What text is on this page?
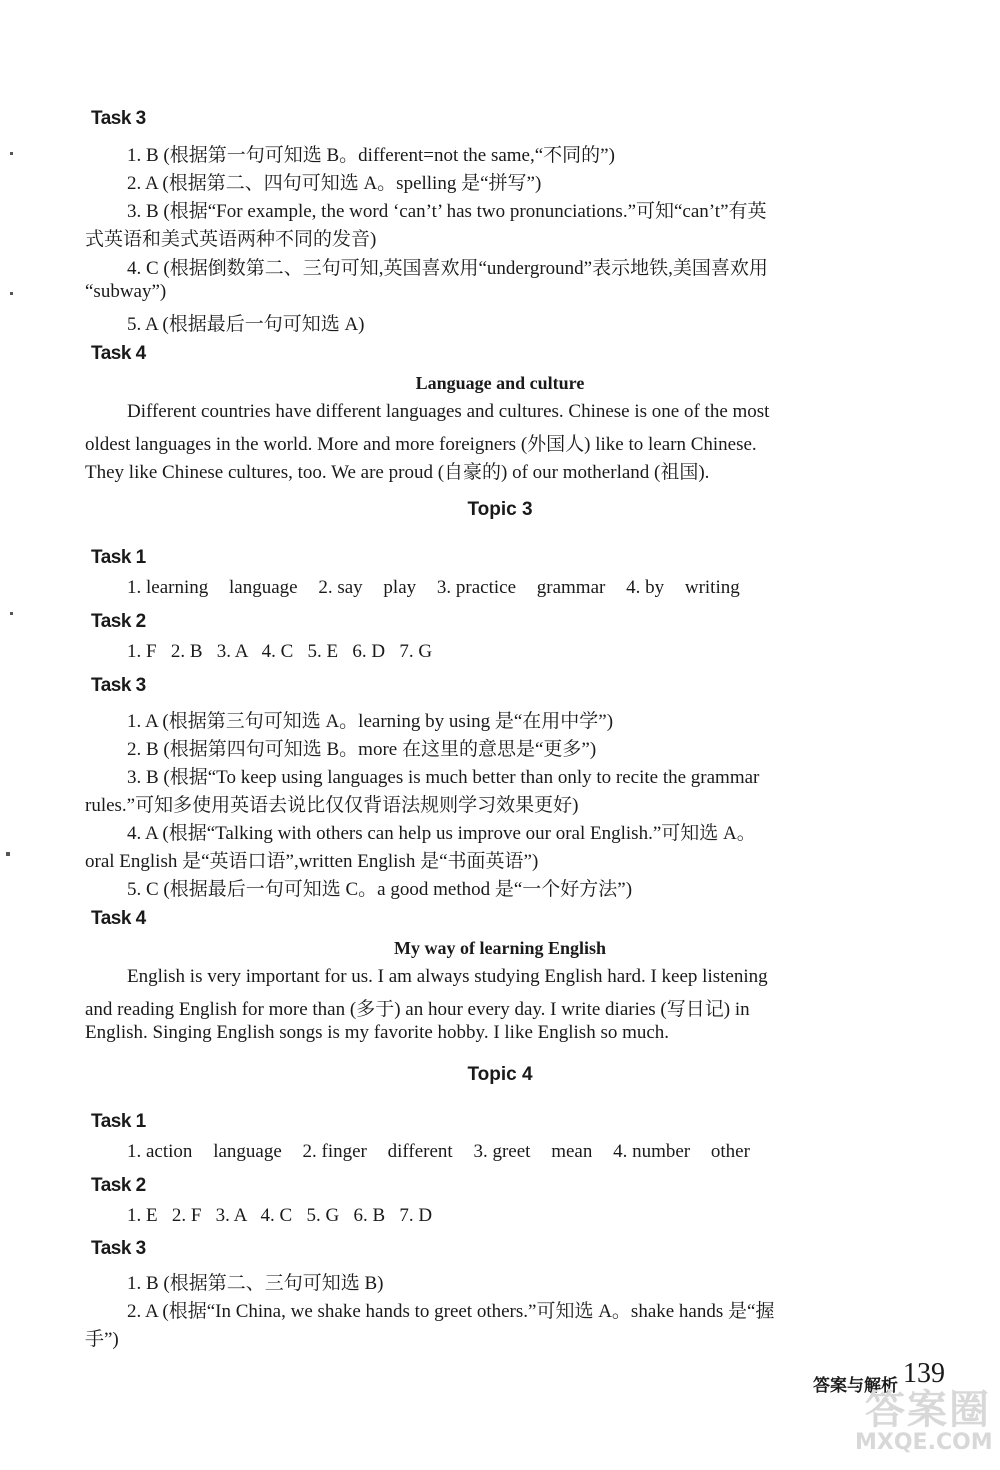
Task 3
1. B (根据第一句可知选 B。different=not the same,“不同的”)
2. A (根据第二、四句可知选 A。spelling 是“拼写”)
3. B (根据“For example, the word ‘can’t’ has two pronunciations.”可知“can’t”有英
式英语和美式英语两种不同的发音)
4. C (根据倒数第二、三句可知,英国喜欢用“underground”表示地铁,美国喜欢用
“subway”)
5. A (根据最后一句可知选 A)
Task 4
Language and culture
Different countries have different languages and cultures. Chinese is one of the most
oldest languages in the world. More and more foreigners (外国人) like to learn Chinese.
They like Chinese cultures, too. We are proud (自豪的) of our motherland (祖国).
Topic 3
Task 1
1. learning language 2. say play 3. practice grammar 4. by writing
Task 2
1. F   2. B   3. A   4. C   5. E   6. D   7. G
Task 3
1. A (根据第三句可知选 A。learning by using 是“在用中学”)
2. B (根据第四句可知选 B。more 在这里的意思是“更多”)
3. B (根据“To keep using languages is much better than only to recite the grammar
rules.”可知多使用英语去说比仅仅背语法规则学习效果更好)
4. A (根据“Talking with others can help us improve our oral English.”可知选 A。
oral English 是“英语口语”,written English 是“书面英语”)
5. C (根据最后一句可知选 C。a good method 是“一个好方法”)
Task 4
My way of learning English
English is very important for us. I am always studying English hard. I keep listening
and reading English for more than (多于) an hour every day. I write diaries (写日记) in
English. Singing English songs is my favorite hobby. I like English so much.
Topic 4
Task 1
1. action language 2. finger different 3. greet mean 4. number other
Task 2
1. E   2. F   3. A   4. C   5. G   6. B   7. D
Task 3
1. B (根据第二、三句可知选 B)
2. A (根据“In China, we shake hands to greet others.”可知选 A。shake hands 是“握
手”)
答案与解析 139
答案圈
MXQE.COM
